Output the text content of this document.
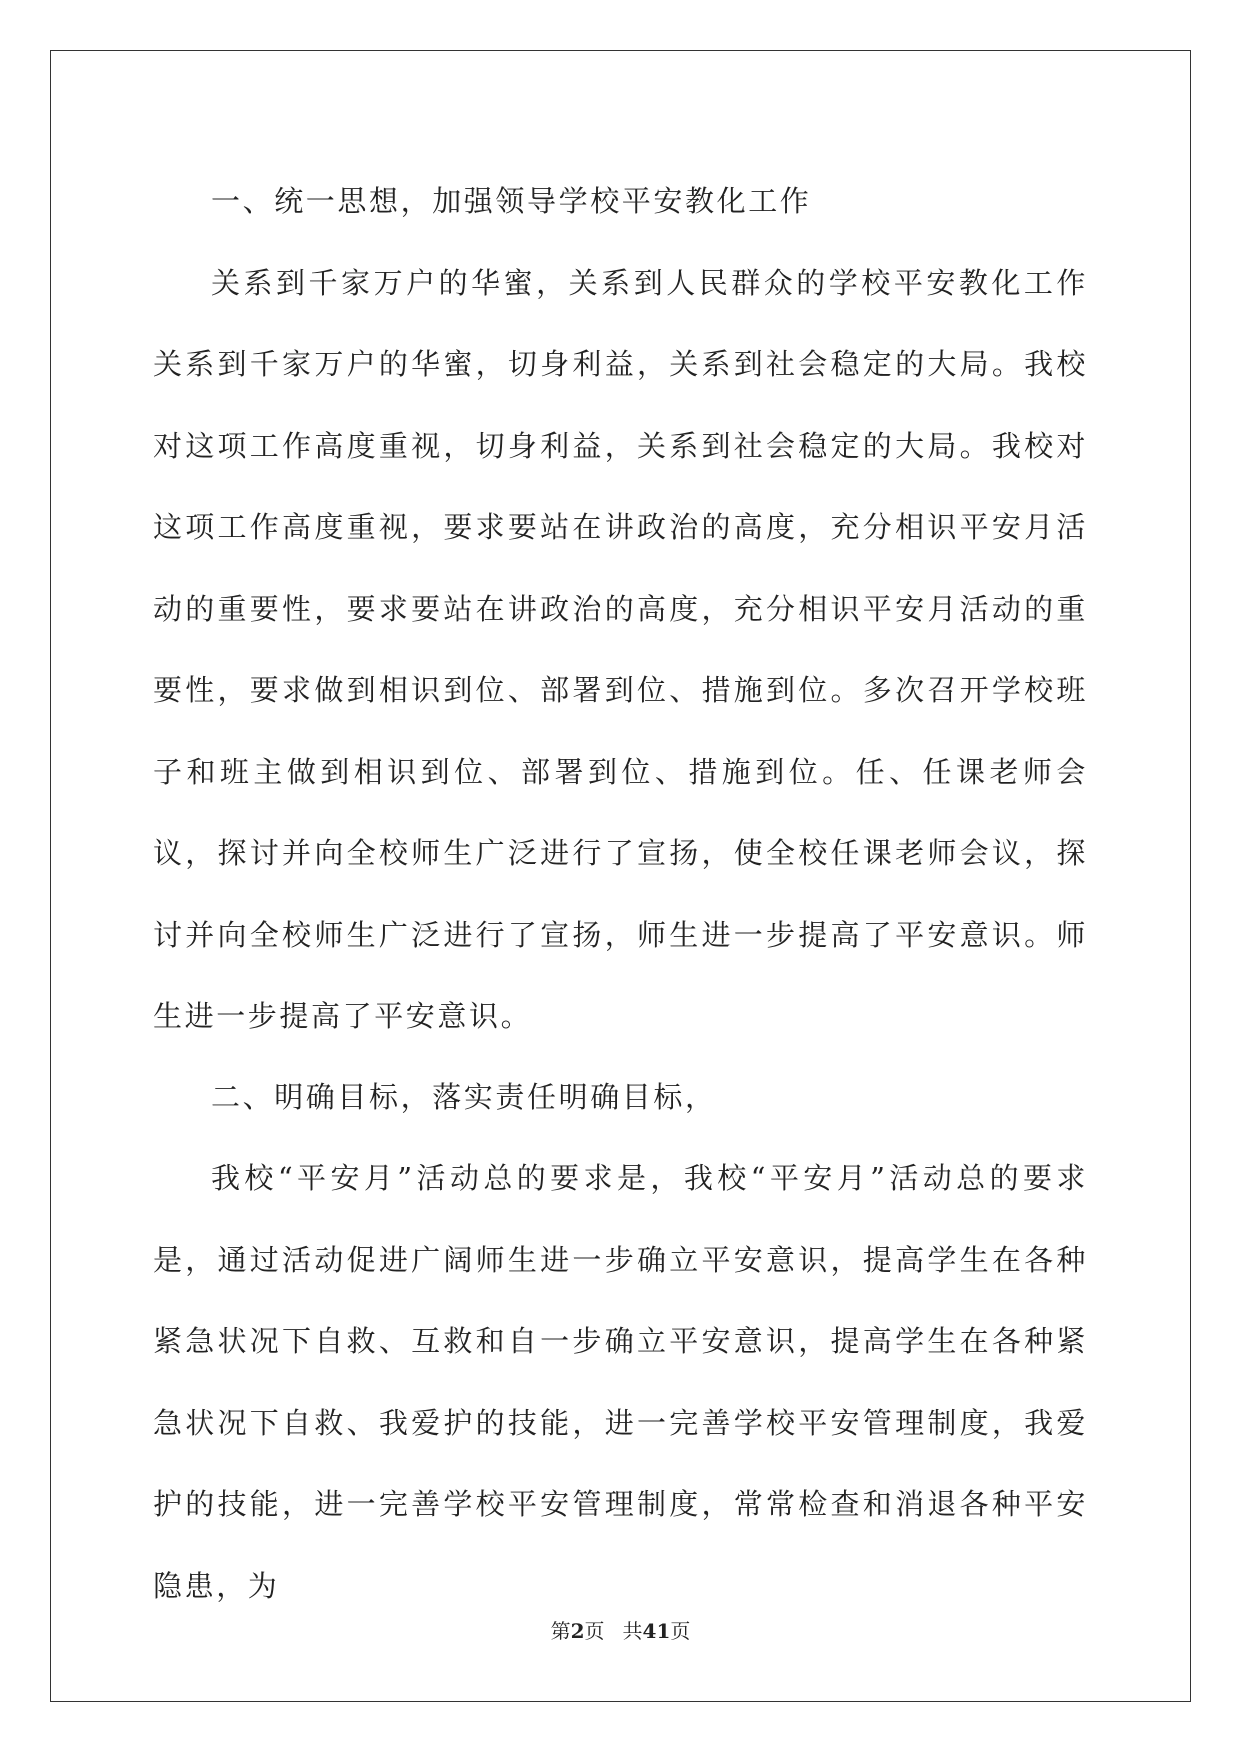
一、统一思想，加强领导学校平安教化工作

关系到千家万户的华蜜，关系到人民群众的学校平安教化工作关系到千家万户的华蜜，切身利益，关系到社会稳定的大局。我校对这项工作高度重视，切身利益，关系到社会稳定的大局。我校对这项工作高度重视，要求要站在讲政治的高度，充分相识平安月活动的重要性，要求要站在讲政治的高度，充分相识平安月活动的重要性，要求做到相识到位、部署到位、措施到位。多次召开学校班子和班主做到相识到位、部署到位、措施到位。任、任课老师会议，探讨并向全校师生广泛进行了宣扬，使全校任课老师会议，探讨并向全校师生广泛进行了宣扬，师生进一步提高了平安意识。师生进一步提高了平安意识。

二、明确目标，落实责任明确目标，

我校“平安月”活动总的要求是，我校“平安月”活动总的要求是，通过活动促进广阔师生进一步确立平安意识，提高学生在各种紧急状况下自救、互救和自一步确立平安意识，提高学生在各种紧急状况下自救、我爱护的技能，进一完善学校平安管理制度，我爱护的技能，进一完善学校平安管理制度，常常检查和消退各种平安隐患，为

第2页 共41页
